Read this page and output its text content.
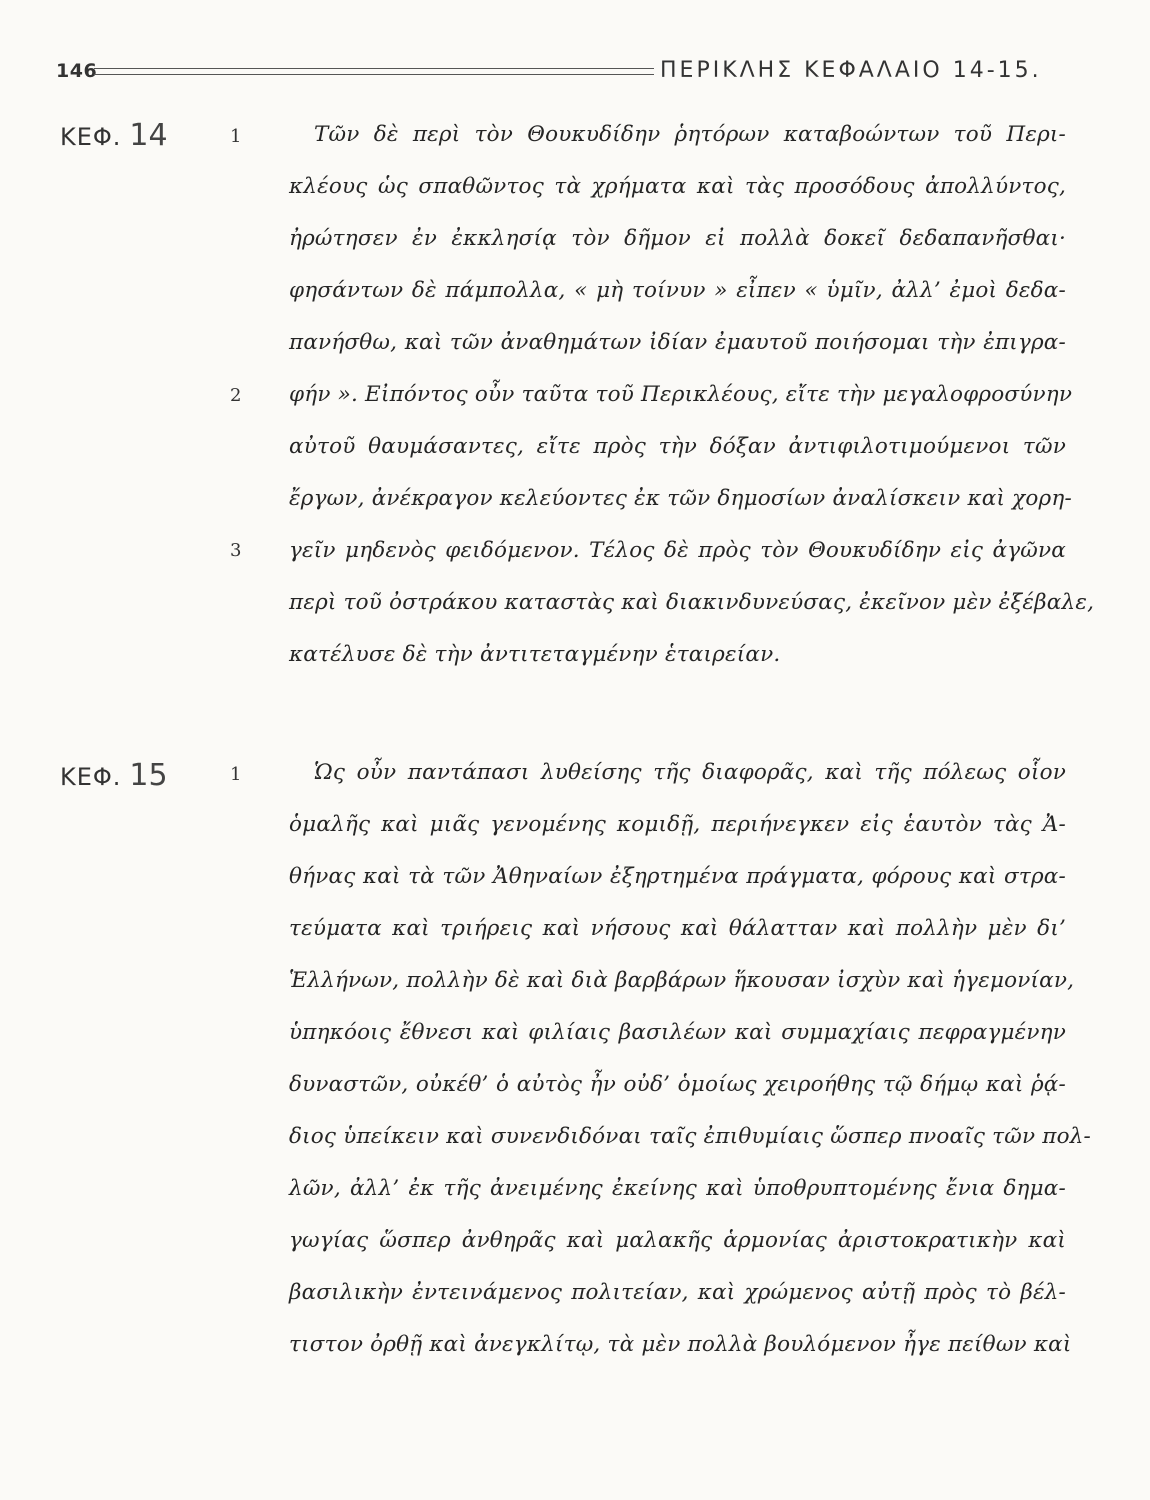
146	ΠΕΡΙΚΛΗΣ ΚΕΦΑΛΑΙΟ 14-15.
ΚΕΦ. 14	1
2
3
Τῶν δὲ περὶ τὸν Θουκυδίδην ῥητόρων καταβοώντων τοῦ Περι-
κλέους ὡς σπαθῶντος τὰ χρήματα καὶ τὰς προσόδους ἀπολλύντος,
ἠρώτησεν ἐν ἐκκλησίᾳ τὸν δῆμον εἰ πολλὰ δοκεῖ δεδαπανῆσθαι·
φησάντων δὲ πάμπολλα, « μὴ τοίνυν » εἶπεν « ὑμῖν, ἀλλ’ ἐμοὶ δεδα-
πανήσθω, καὶ τῶν ἀναθημάτων ἰδίαν ἐμαυτοῦ ποιήσομαι τὴν ἐπιγρα-
φήν ». Εἰπόντος οὖν ταῦτα τοῦ Περικλέους, εἴτε τὴν μεγαλοφροσύνην
αὐτοῦ θαυμάσαντες, εἴτε πρὸς τὴν δόξαν ἀντιφιλοτιμούμενοι τῶν
ἔργων, ἀνέκραγον κελεύοντες ἐκ τῶν δημοσίων ἀναλίσκειν καὶ χορη-
γεῖν μηδενὸς φειδόμενον. Τέλος δὲ πρὸς τὸν Θουκυδίδην εἰς ἀγῶνα
περὶ τοῦ ὀστράκου καταστὰς καὶ διακινδυνεύσας, ἐκεῖνον μὲν ἐξέβαλε,
κατέλυσε δὲ τὴν ἀντιτεταγμένην ἑταιρείαν.
ΚΕΦ. 15	1	Ὡς οὖν παντάπασι λυθείσης τῆς διαφορᾶς, καὶ τῆς πόλεως οἷον
ὁμαλῆς καὶ μιᾶς γενομένης κομιδῇ, περιήνεγκεν εἰς ἑαυτὸν τὰς Ἀ-
θήνας καὶ τὰ τῶν Ἀθηναίων ἐξηρτημένα πράγματα, φόρους καὶ στρα-
τεύματα καὶ τριήρεις καὶ νήσους καὶ θάλατταν καὶ πολλὴν μὲν δι’
Ἑλλήνων, πολλὴν δὲ καὶ διὰ βαρβάρων ἥκουσαν ἰσχὺν καὶ ἡγεμονίαν,
ὑπηκόοις ἔθνεσι καὶ φιλίαις βασιλέων καὶ συμμαχίαις πεφραγμένην
δυναστῶν, οὐκέθ’ ὁ αὐτὸς ἦν οὐδ’ ὁμοίως χειροήθης τῷ δήμῳ καὶ ῥᾴ-
διος ὑπείκειν καὶ συνενδιδόναι ταῖς ἐπιθυμίαις ὥσπερ πνοαῖς τῶν πολ-
λῶν, ἀλλ’ ἐκ τῆς ἀνειμένης ἐκείνης καὶ ὑποθρυπτομένης ἔνια δημα-
γωγίας ὥσπερ ἀνθηρᾶς καὶ μαλακῆς ἁρμονίας ἀριστοκρατικὴν καὶ
βασιλικὴν ἐντεινάμενος πολιτείαν, καὶ χρώμενος αὐτῇ πρὸς τὸ βέλ-
τιστον ὀρθῇ καὶ ἀνεγκλίτῳ, τὰ μὲν πολλὰ βουλόμενον ἦγε πείθων καὶ
